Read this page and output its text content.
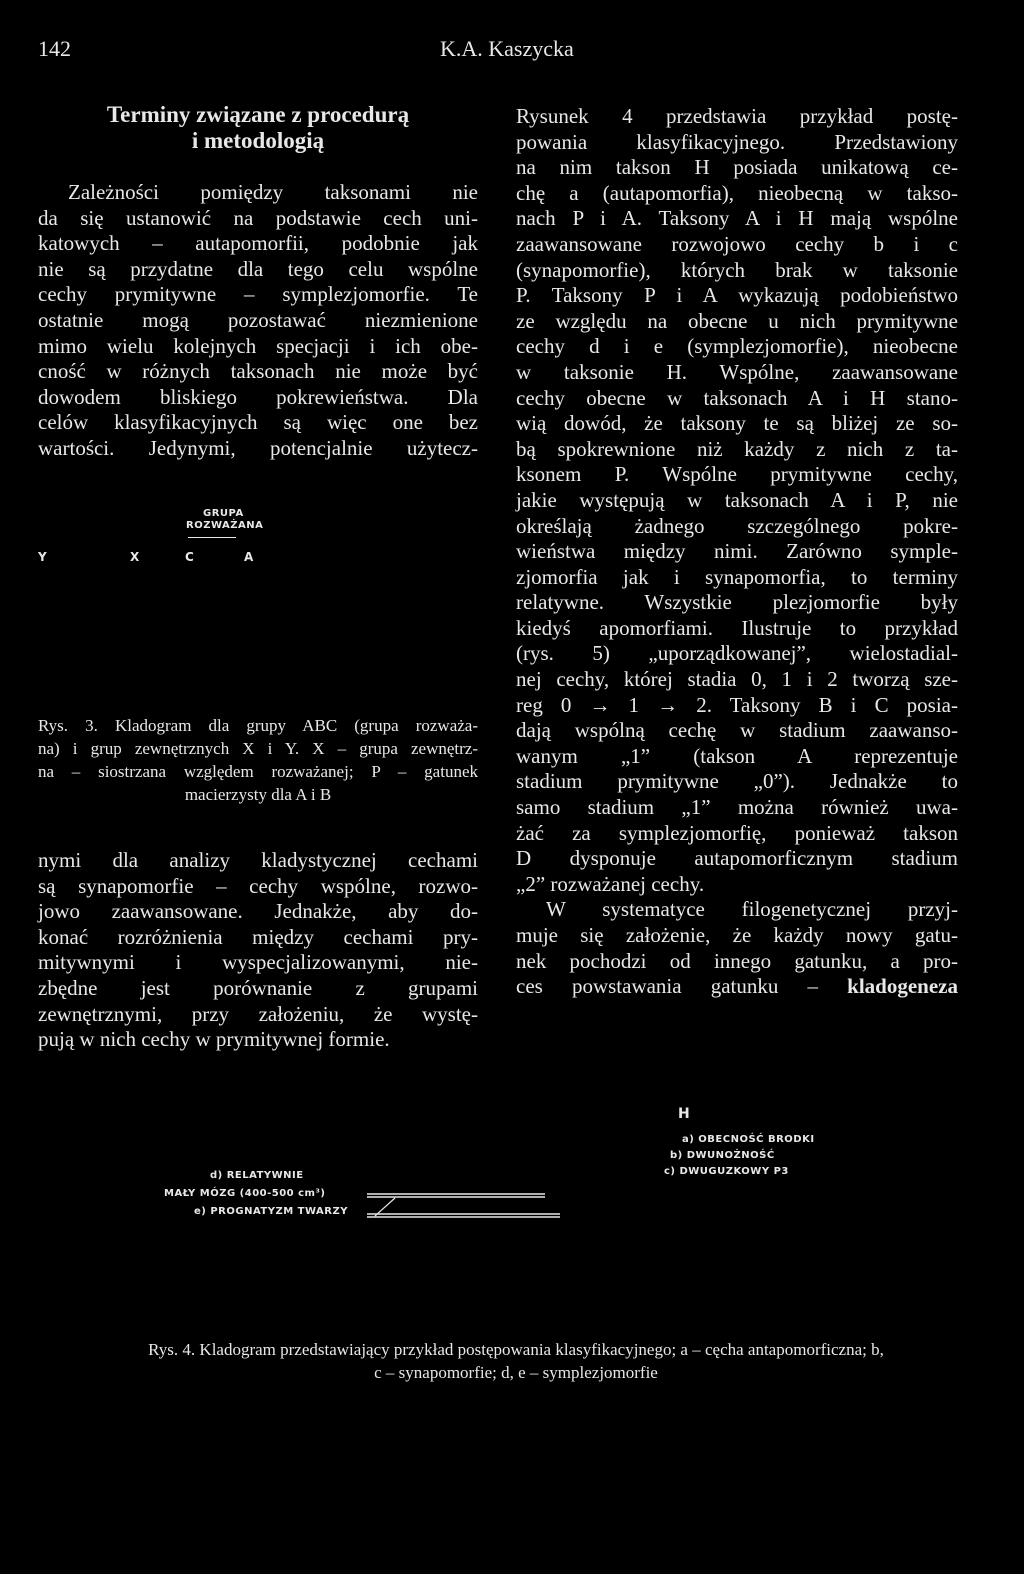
142	K.A. Kaszycka
Terminy związane z procedurą
i metodologią
Zależności pomiędzy taksonami nie
da się ustanowić na podstawie cech uni-
katowych – autapomorfii, podobnie jak
nie są przydatne dla tego celu wspólne
cechy prymitywne – symplezjomorfie. Te
ostatnie mogą pozostawać niezmienione
mimo wielu kolejnych specjacji i ich obe-
cność w różnych taksonach nie może być
dowodem bliskiego pokrewieństwa. Dla
celów klasyfikacyjnych są więc one bez
wartości. Jedynymi, potencjalnie użytecz-
GRUPA
ROZWAŻANA
Y	X	C	A
Rys. 3. Kladogram dla grupy ABC (grupa rozważa-
na) i grup zewnętrznych X i Y. X – grupa zewnętrz-
na – siostrzana względem rozważanej; P – gatunek
macierzysty dla A i B
nymi dla analizy kladystycznej cechami
są synapomorfie – cechy wspólne, rozwo-
jowo zaawansowane. Jednakże, aby do-
konać rozróżnienia między cechami pry-
mitywnymi i wyspecjalizowanymi, nie-
zbędne jest porównanie z grupami
zewnętrznymi, przy założeniu, że wystę-
pują w nich cechy w prymitywnej formie.
Rysunek 4 przedstawia przykład postę-
powania klasyfikacyjnego. Przedstawiony
na nim takson H posiada unikatową ce-
chę a (autapomorfia), nieobecną w takso-
nach P i A. Taksony A i H mają wspólne
zaawansowane rozwojowo cechy b i c
(synapomorfie), których brak w taksonie
P. Taksony P i A wykazują podobieństwo
ze względu na obecne u nich prymitywne
cechy d i e (symplezjomorfie), nieobecne
w taksonie H. Wspólne, zaawansowane
cechy obecne w taksonach A i H stano-
wią dowód, że taksony te są bliżej ze so-
bą spokrewnione niż każdy z nich z ta-
ksonem P. Wspólne prymitywne cechy,
jakie występują w taksonach A i P, nie
określają żadnego szczególnego pokre-
wieństwa między nimi. Zarówno symple-
zjomorfia jak i synapomorfia, to terminy
relatywne. Wszystkie plezjomorfie były
kiedyś apomorfiami. Ilustruje to przykład
(rys. 5) „uporządkowanej”, wielostadial-
nej cechy, której stadia 0, 1 i 2 tworzą sze-
reg 0 → 1 → 2. Taksony B i C posia-
dają wspólną cechę w stadium zaawanso-
wanym „1” (takson A reprezentuje
stadium prymitywne „0”). Jednakże to
samo stadium „1” można również uwa-
żać za symplezjomorfię, ponieważ takson
D dysponuje autapomorficznym stadium
„2” rozważanej cechy.
W systematyce filogenetycznej przyj-
muje się założenie, że każdy nowy gatu-
nek pochodzi od innego gatunku, a pro-
ces powstawania gatunku – kladogeneza
H
a) OBECNOŚĆ BRODKI
b) DWUNOŻNOŚĆ
c) DWUGUZKOWY P3
d) RELATYWNIE
MAŁY MÓZG (400-500 cm³)
e) PROGNATYZM TWARZY
Rys. 4. Kladogram przedstawiający przykład postępowania klasyfikacyjnego; a – cęcha antapomorficzna; b,
c – synapomorfie; d, e – symplezjomorfie
